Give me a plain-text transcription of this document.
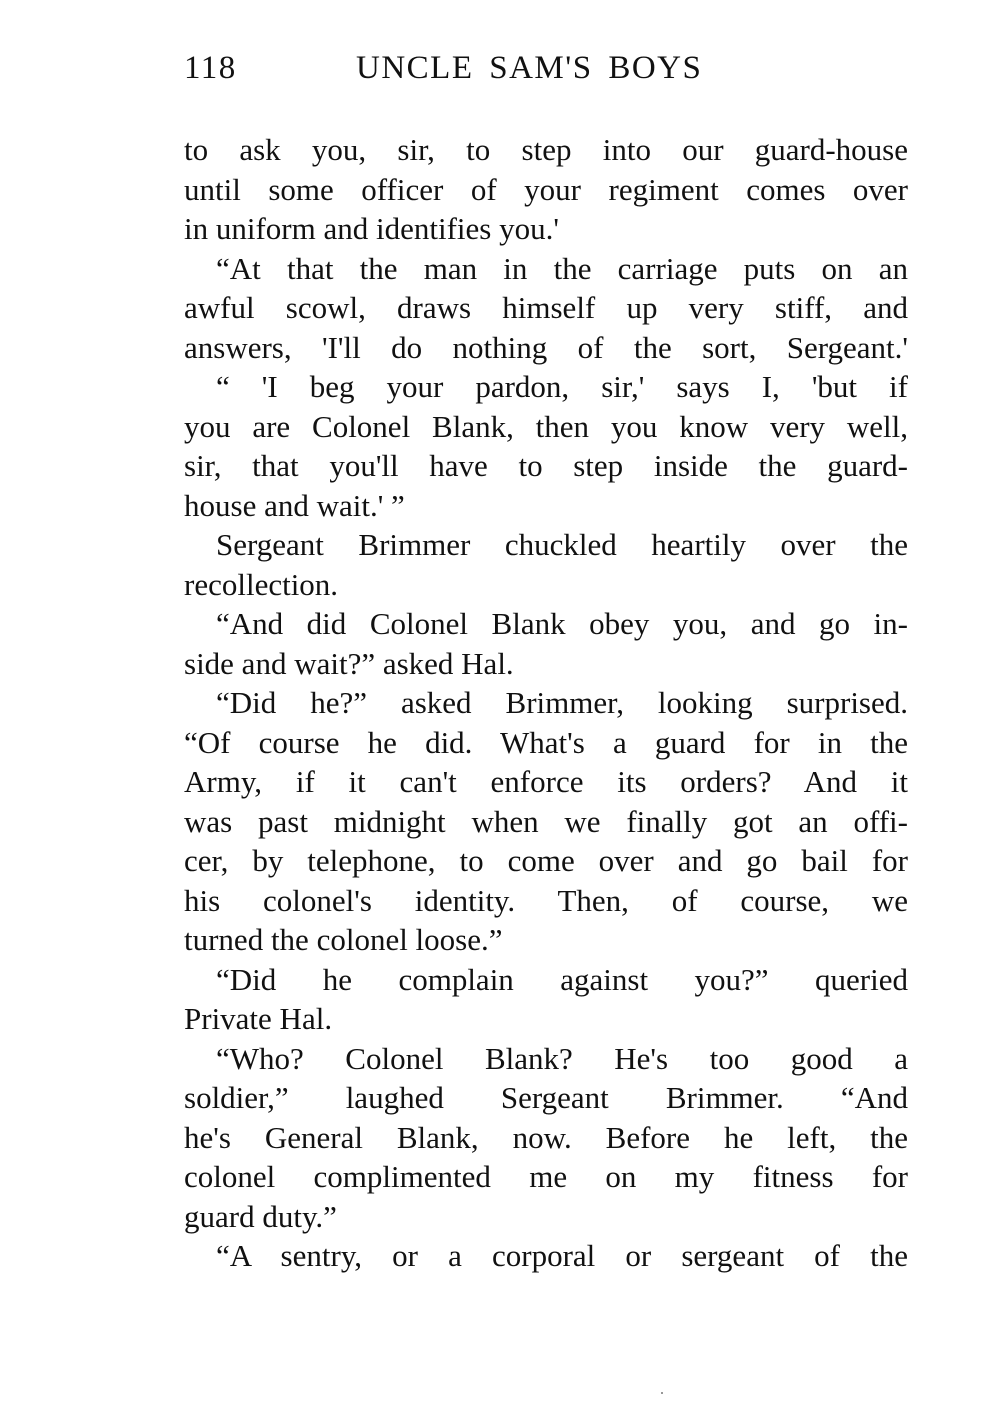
118	UNCLE SAM'S BOYS
to ask you, sir, to step into our guard-house
until some officer of your regiment comes over
in uniform and identifies you.'
“At that the man in the carriage puts on an
awful scowl, draws himself up very stiff, and
answers, 'I'll do nothing of the sort, Sergeant.'
“ 'I beg your pardon, sir,' says I, 'but if
you are Colonel Blank, then you know very well,
sir, that you'll have to step inside the guard-
house and wait.' ”
Sergeant Brimmer chuckled heartily over the
recollection.
“And did Colonel Blank obey you, and go in-
side and wait?” asked Hal.
“Did he?” asked Brimmer, looking surprised.
“Of course he did. What's a guard for in the
Army, if it can't enforce its orders? And it
was past midnight when we finally got an offi-
cer, by telephone, to come over and go bail for
his colonel's identity. Then, of course, we
turned the colonel loose.”
“Did he complain against you?” queried
Private Hal.
“Who? Colonel Blank? He's too good a
soldier,” laughed Sergeant Brimmer. “And
he's General Blank, now. Before he left, the
colonel complimented me on my fitness for
guard duty.”
“A sentry, or a corporal or sergeant of the
